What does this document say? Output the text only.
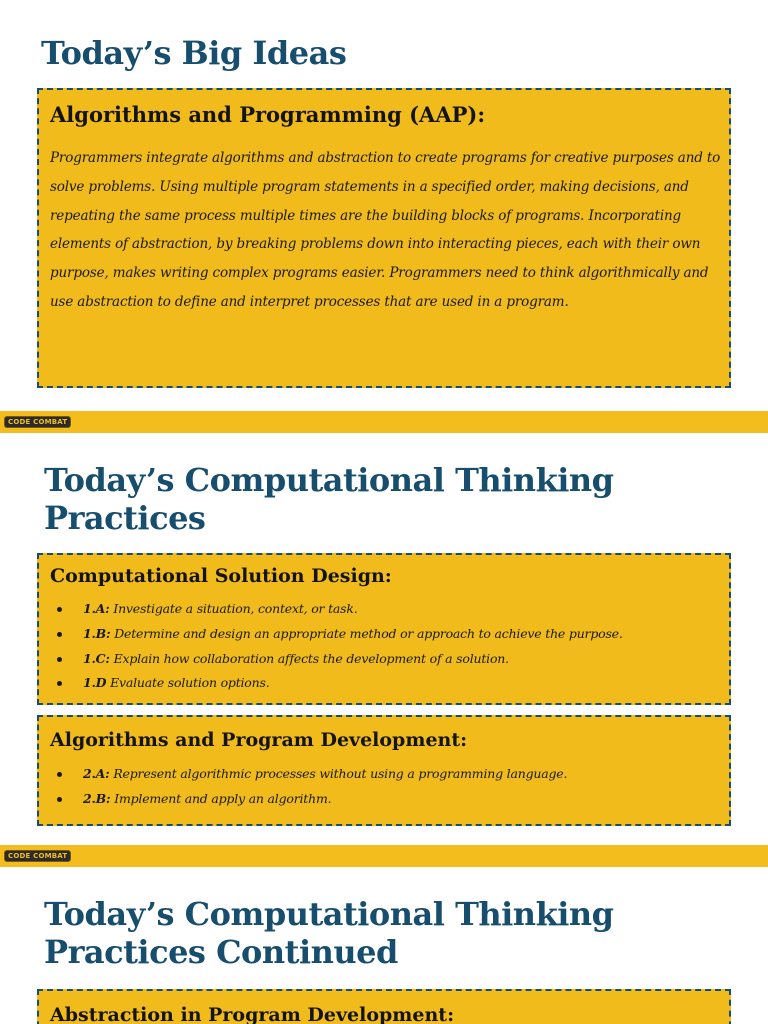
Today’s Big Ideas
Algorithms and Programming (AAP):

Programmers integrate algorithms and abstraction to create programs for creative purposes and to solve problems. Using multiple program statements in a specified order, making decisions, and repeating the same process multiple times are the building blocks of programs. Incorporating elements of abstraction, by breaking problems down into interacting pieces, each with their own purpose, makes writing complex programs easier. Programmers need to think algorithmically and use abstraction to define and interpret processes that are used in a program.

CODE COMBAT
Today’s Computational Thinking Practices
Computational Solution Design:
1.A: Investigate a situation, context, or task.
1.B: Determine and design an appropriate method or approach to achieve the purpose.
1.C: Explain how collaboration affects the development of a solution.
1.D Evaluate solution options.
Algorithms and Program Development:
2.A: Represent algorithmic processes without using a programming language.
2.B: Implement and apply an algorithm.
CODE COMBAT
Today’s Computational Thinking Practices Continued
Abstraction in Program Development:
